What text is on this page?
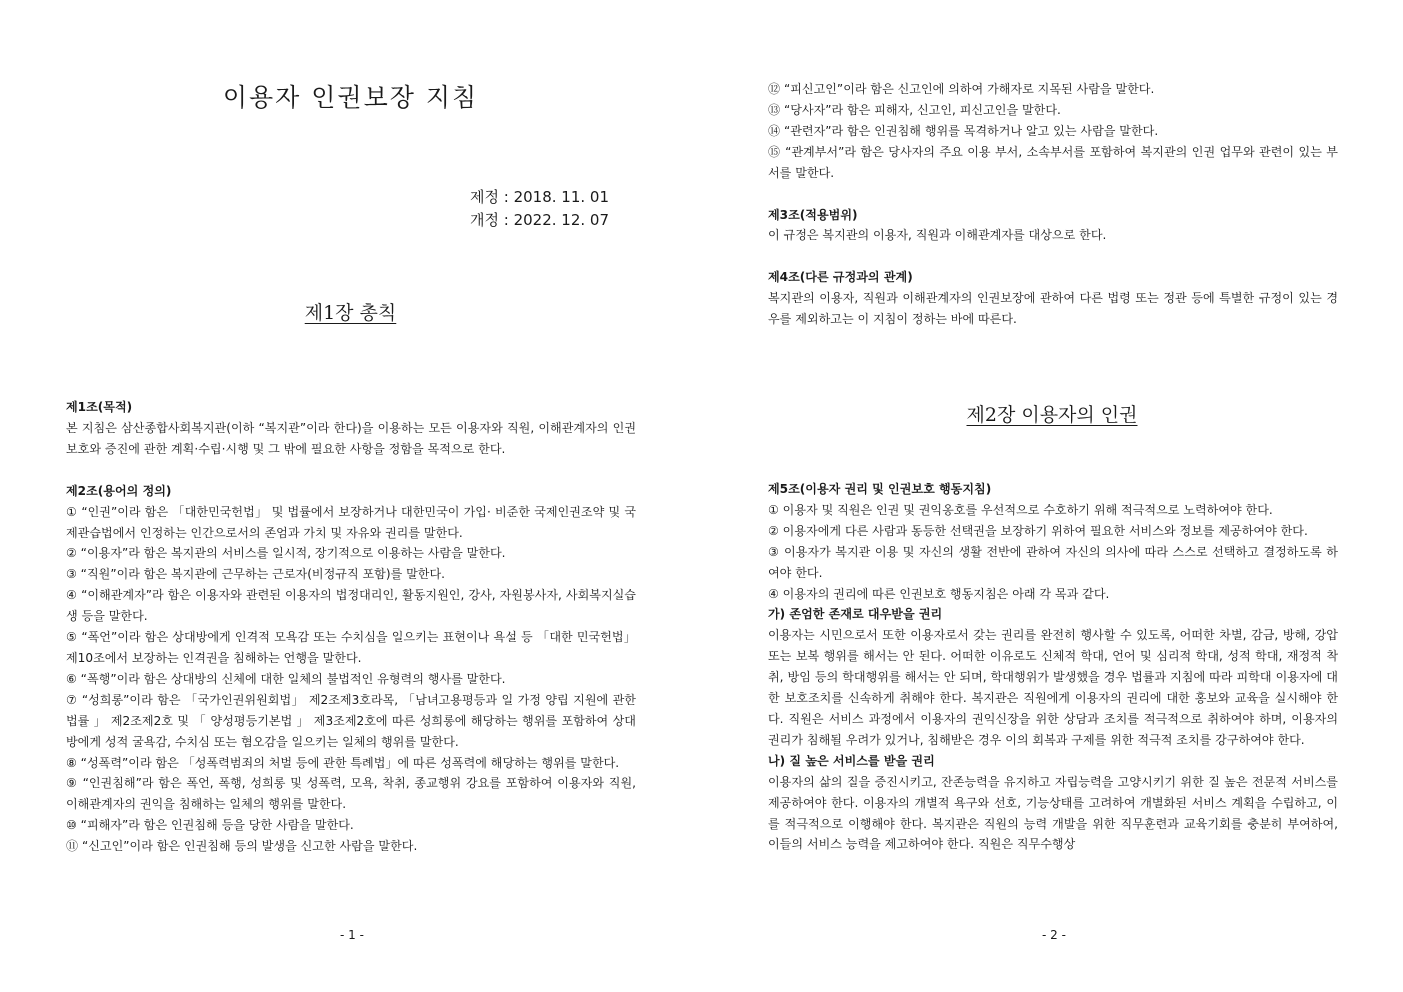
이용자 인권보장 지침
제정 : 2018. 11. 01
개정 : 2022. 12. 07
제1장 총칙
제1조(목적)
본 지침은 삼산종합사회복지관(이하 “복지관”이라 한다)을 이용하는 모든 이용자와 직원, 이해관계자의 인권 보호와 증진에 관한 계획·수립·시행 및 그 밖에 필요한 사항을 정함을 목적으로 한다.
제2조(용어의 정의)
① “인권”이라 함은 「대한민국헌법」 및 법률에서 보장하거나 대한민국이 가입· 비준한 국제인권조약 및 국제관습법에서 인정하는 인간으로서의 존엄과 가치 및 자유와 권리를 말한다.
② “이용자”라 함은 복지관의 서비스를 일시적, 장기적으로 이용하는 사람을 말한다.
③ “직원”이라 함은 복지관에 근무하는 근로자(비정규직 포함)를 말한다.
④ “이해관계자”라 함은 이용자와 관련된 이용자의 법정대리인, 활동지원인, 강사, 자원봉사자, 사회복지실습생 등을 말한다.
⑤ “폭언”이라 함은 상대방에게 인격적 모욕감 또는 수치심을 일으키는 표현이나 욕설 등 「대한 민국헌법」 제10조에서 보장하는 인격권을 침해하는 언행을 말한다.
⑥ “폭행”이라 함은 상대방의 신체에 대한 일체의 불법적인 유형력의 행사를 말한다.
⑦ “성희롱”이라 함은 「국가인권위원회법」 제2조제3호라목, 「남녀고용평등과 일 가정 양립 지원에 관한 법률 」 제2조제2호 및 「 양성평등기본법 」 제3조제2호에 따른 성희롱에 해당하는 행위를 포함하여 상대방에게 성적 굴욕감, 수치심 또는 혐오감을 일으키는 일체의 행위를 말한다.
⑧ “성폭력”이라 함은 「성폭력범죄의 처벌 등에 관한 특례법」에 따른 성폭력에 해당하는 행위를 말한다.
⑨ “인권침해”라 함은 폭언, 폭행, 성희롱 및 성폭력, 모욕, 착취, 종교행위 강요를 포함하여 이용자와 직원, 이해관계자의 권익을 침해하는 일체의 행위를 말한다.
⑩ “피해자”라 함은 인권침해 등을 당한 사람을 말한다.
⑪ “신고인”이라 함은 인권침해 등의 발생을 신고한 사람을 말한다.
- 1 -
⑫ “피신고인”이라 함은 신고인에 의하여 가해자로 지목된 사람을 말한다.
⑬ “당사자”라 함은 피해자, 신고인, 피신고인을 말한다.
⑭ “관련자”라 함은 인권침해 행위를 목격하거나 알고 있는 사람을 말한다.
⑮ “관계부서”라 함은 당사자의 주요 이용 부서, 소속부서를 포함하여 복지관의 인권 업무와 관련이 있는 부서를 말한다.
제3조(적용범위)
이 규정은 복지관의 이용자, 직원과 이해관계자를 대상으로 한다.
제4조(다른 규정과의 관계)
복지관의 이용자, 직원과 이해관계자의 인권보장에 관하여 다른 법령 또는 정관 등에 특별한 규정이 있는 경우를 제외하고는 이 지침이 정하는 바에 따른다.
제2장 이용자의 인권
제5조(이용자 권리 및 인권보호 행동지침)
① 이용자 및 직원은 인권 및 권익옹호를 우선적으로 수호하기 위해 적극적으로 노력하여야 한다.
② 이용자에게 다른 사람과 동등한 선택권을 보장하기 위하여 필요한 서비스와 정보를 제공하여야 한다.
③ 이용자가 복지관 이용 및 자신의 생활 전반에 관하여 자신의 의사에 따라 스스로 선택하고 결정하도록 하여야 한다.
④ 이용자의 권리에 따른 인권보호 행동지침은 아래 각 목과 같다.
가) 존엄한 존재로 대우받을 권리
이용자는 시민으로서 또한 이용자로서 갖는 권리를 완전히 행사할 수 있도록, 어떠한 차별, 감금, 방해, 강압 또는 보복 행위를 해서는 안 된다. 어떠한 이유로도 신체적 학대, 언어 및 심리적 학대, 성적 학대, 재정적 착취, 방임 등의 학대행위를 해서는 안 되며, 학대행위가 발생했을 경우 법률과 지침에 따라 피학대 이용자에 대한 보호조치를 신속하게 취해야 한다. 복지관은 직원에게 이용자의 권리에 대한 홍보와 교육을 실시해야 한다. 직원은 서비스 과정에서 이용자의 권익신장을 위한 상담과 조치를 적극적으로 취하여야 하며, 이용자의 권리가 침해될 우려가 있거나, 침해받은 경우 이의 회복과 구제를 위한 적극적 조치를 강구하여야 한다.
나) 질 높은 서비스를 받을 권리
이용자의 삶의 질을 증진시키고, 잔존능력을 유지하고 자립능력을 고양시키기 위한 질 높은 전문적 서비스를 제공하여야 한다. 이용자의 개별적 욕구와 선호, 기능상태를 고려하여 개별화된 서비스 계획을 수립하고, 이를 적극적으로 이행해야 한다. 복지관은 직원의 능력 개발을 위한 직무훈련과 교육기회를 충분히 부여하여, 이들의 서비스 능력을 제고하여야 한다. 직원은 직무수행상
- 2 -
